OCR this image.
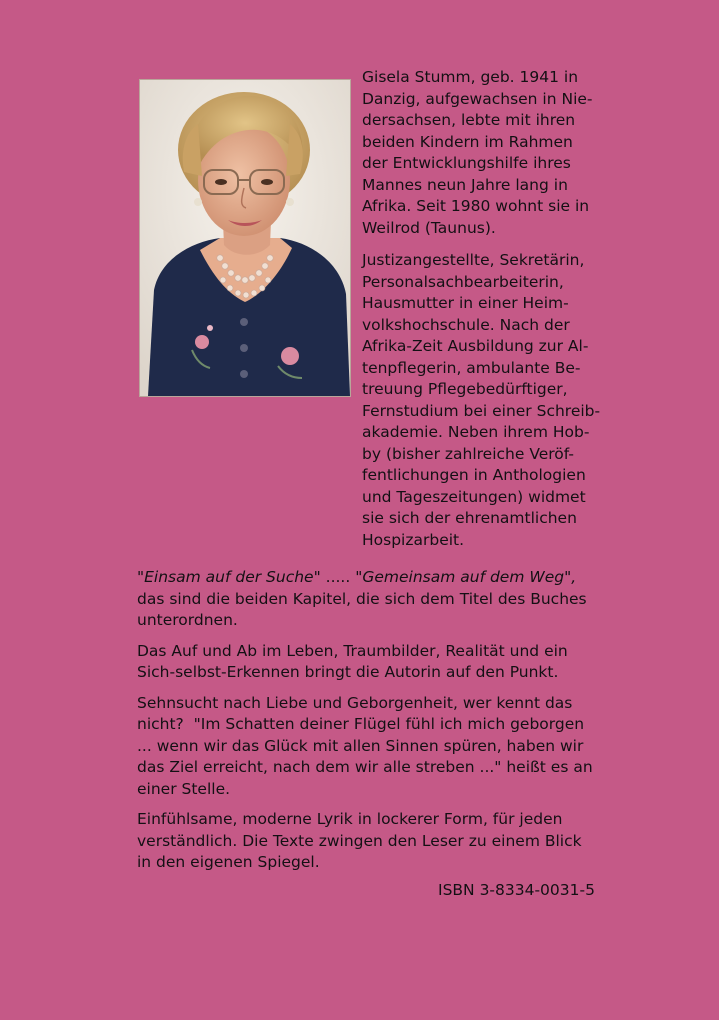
Gisela Stumm, geb. 1941 in
Danzig, aufgewachsen in Nie-
dersachsen, lebte mit ihren
beiden Kindern im Rahmen
der Entwicklungshilfe ihres
Mannes neun Jahre lang in
Afrika. Seit 1980 wohnt sie in
Weilrod (Taunus).

Justizangestellte, Sekretärin,
Personalsachbearbeiterin,
Hausmutter in einer Heim-
volkshochschule. Nach der
Afrika-Zeit Ausbildung zur Al-
tenpflegerin, ambulante Be-
treuung Pflegebedürftiger,
Fernstudium bei einer Schreib-
akademie. Neben ihrem Hob-
by (bisher zahlreiche Veröf-
fentlichungen in Anthologien
und Tageszeitungen) widmet
sie sich der ehrenamtlichen
Hospizarbeit.

"Einsam auf der Suche" ..... "Gemeinsam auf dem Weg",
das sind die beiden Kapitel, die sich dem Titel des Buches
unterordnen.

Das Auf und Ab im Leben, Traumbilder, Realität und ein
Sich-selbst-Erkennen bringt die Autorin auf den Punkt.

Sehnsucht nach Liebe und Geborgenheit, wer kennt das
nicht?  "Im Schatten deiner Flügel fühl ich mich geborgen
... wenn wir das Glück mit allen Sinnen spüren, haben wir
das Ziel erreicht, nach dem wir alle streben ..." heißt es an
einer Stelle.

Einfühlsame, moderne Lyrik in lockerer Form, für jeden
verständlich. Die Texte zwingen den Leser zu einem Blick
in den eigenen Spiegel.

ISBN 3-8334-0031-5
